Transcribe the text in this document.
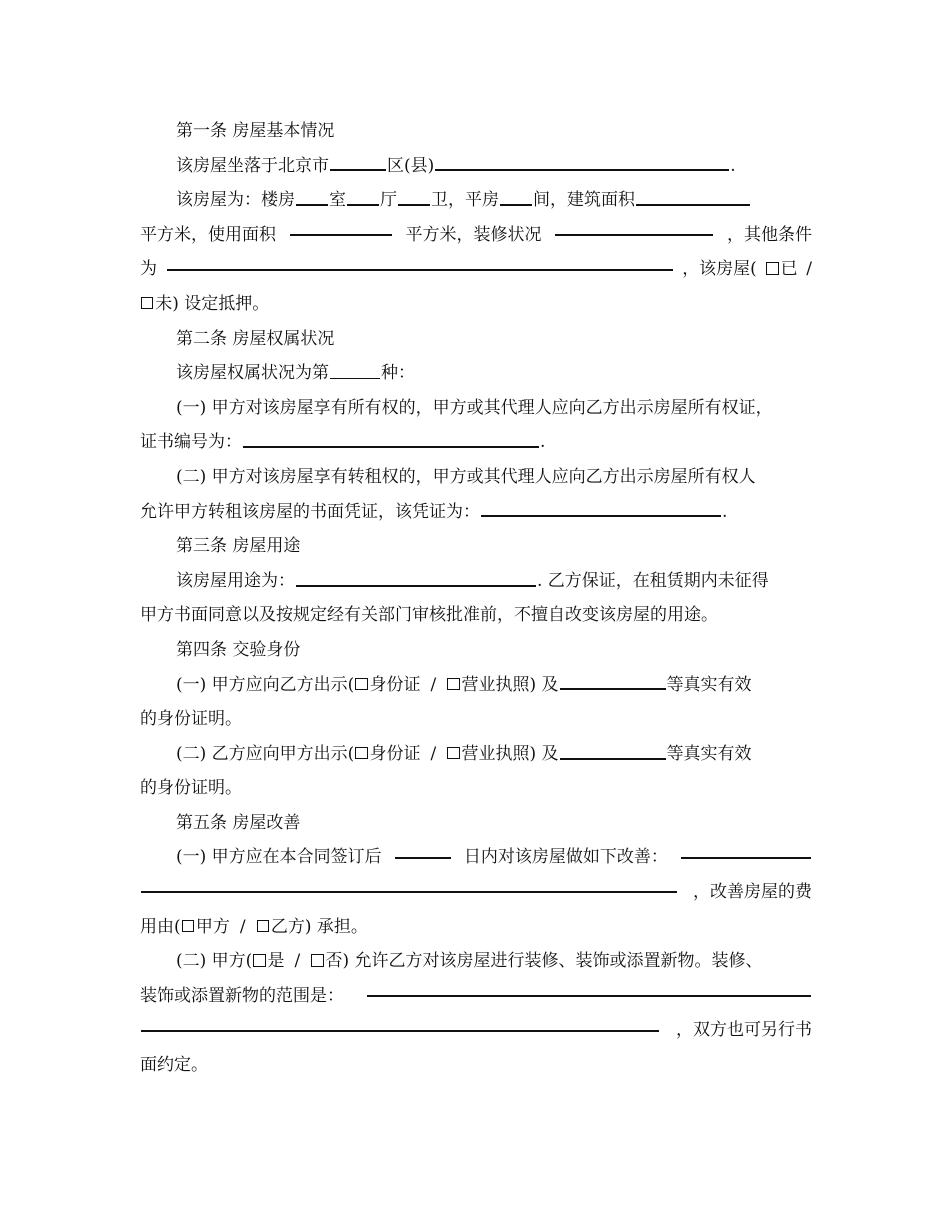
第一条 房屋基本情况
该房屋坐落于北京市	区(县)	.
该房屋为：楼房 室 厅 卫，平房 间，建筑面积
平方米，使用面积	平方米，装修状况	，其他条件
为	，该房屋(	已 /
未) 设定抵押。
第二条 房屋权属状况
该房屋权属状况为第	种：
(一) 甲方对该房屋享有所有权的，甲方或其代理人应向乙方出示房屋所有权证，
证书编号为：	.
(二) 甲方对该房屋享有转租权的，甲方或其代理人应向乙方出示房屋所有权人
允许甲方转租该房屋的书面凭证，该凭证为：	.
第三条 房屋用途
该房屋用途为：	. 乙方保证，在租赁期内未征得
甲方书面同意以及按规定经有关部门审核批准前，不擅自改变该房屋的用途。
第四条 交验身份
(一) 甲方应向乙方出示( 身份证 / 营业执照) 及	等真实有效
的身份证明。
(二) 乙方应向甲方出示( 身份证 / 营业执照) 及	等真实有效
的身份证明。
第五条 房屋改善
(一) 甲方应在本合同签订后	日内对该房屋做如下改善：
，改善房屋的费
用由( 甲方 / 乙方) 承担。
(二) 甲方( 是 / 否) 允许乙方对该房屋进行装修、装饰或添置新物。装修、
装饰或添置新物的范围是：
，双方也可另行书
面约定。
